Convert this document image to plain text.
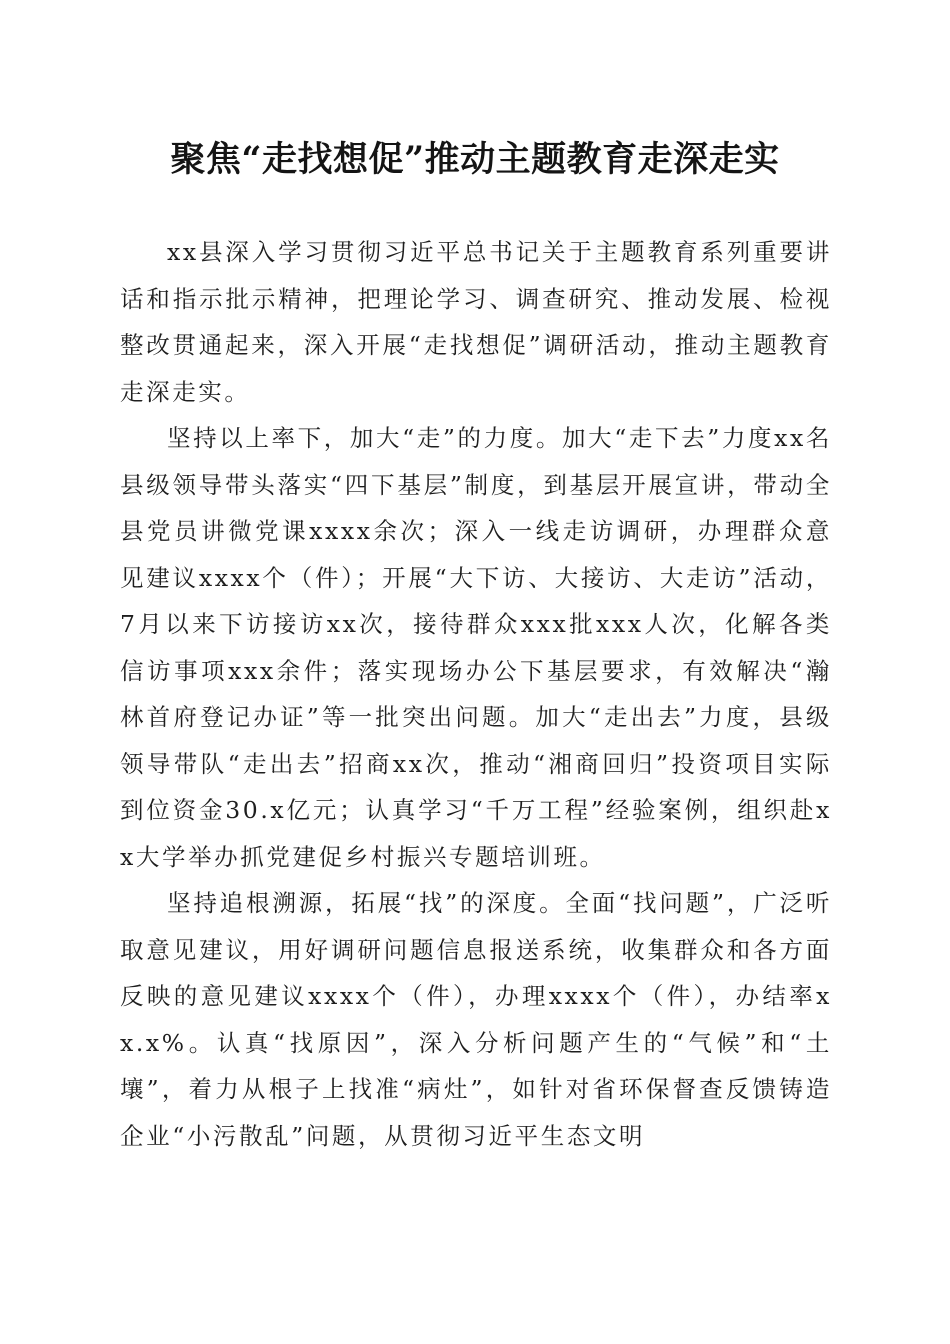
聚焦“走找想促”推动主题教育走深走实

xx县深入学习贯彻习近平总书记关于主题教育系列重要讲话和指示批示精神，把理论学习、调查研究、推动发展、检视整改贯通起来，深入开展“走找想促”调研活动，推动主题教育走深走实。

坚持以上率下，加大“走”的力度。加大“走下去”力度xx名县级领导带头落实“四下基层”制度，到基层开展宣讲，带动全县党员讲微党课xxxx余次；深入一线走访调研，办理群众意见建议xxxx个（件）；开展“大下访、大接访、大走访”活动，7月以来下访接访xx次，接待群众xxx批xxx人次，化解各类信访事项xxx余件；落实现场办公下基层要求，有效解决“瀚林首府登记办证”等一批突出问题。加大“走出去”力度，县级领导带队“走出去”招商xx次，推动“湘商回归”投资项目实际到位资金30.x亿元；认真学习“千万工程”经验案例，组织赴xx大学举办抓党建促乡村振兴专题培训班。

坚持追根溯源，拓展“找”的深度。全面“找问题”，广泛听取意见建议，用好调研问题信息报送系统，收集群众和各方面反映的意见建议xxxx个（件），办理xxxx个（件），办结率xx.x%。认真“找原因”，深入分析问题产生的“气候”和“土壤”，着力从根子上找准“病灶”，如针对省环保督查反馈铸造企业“小污散乱”问题，从贯彻习近平生态文明
